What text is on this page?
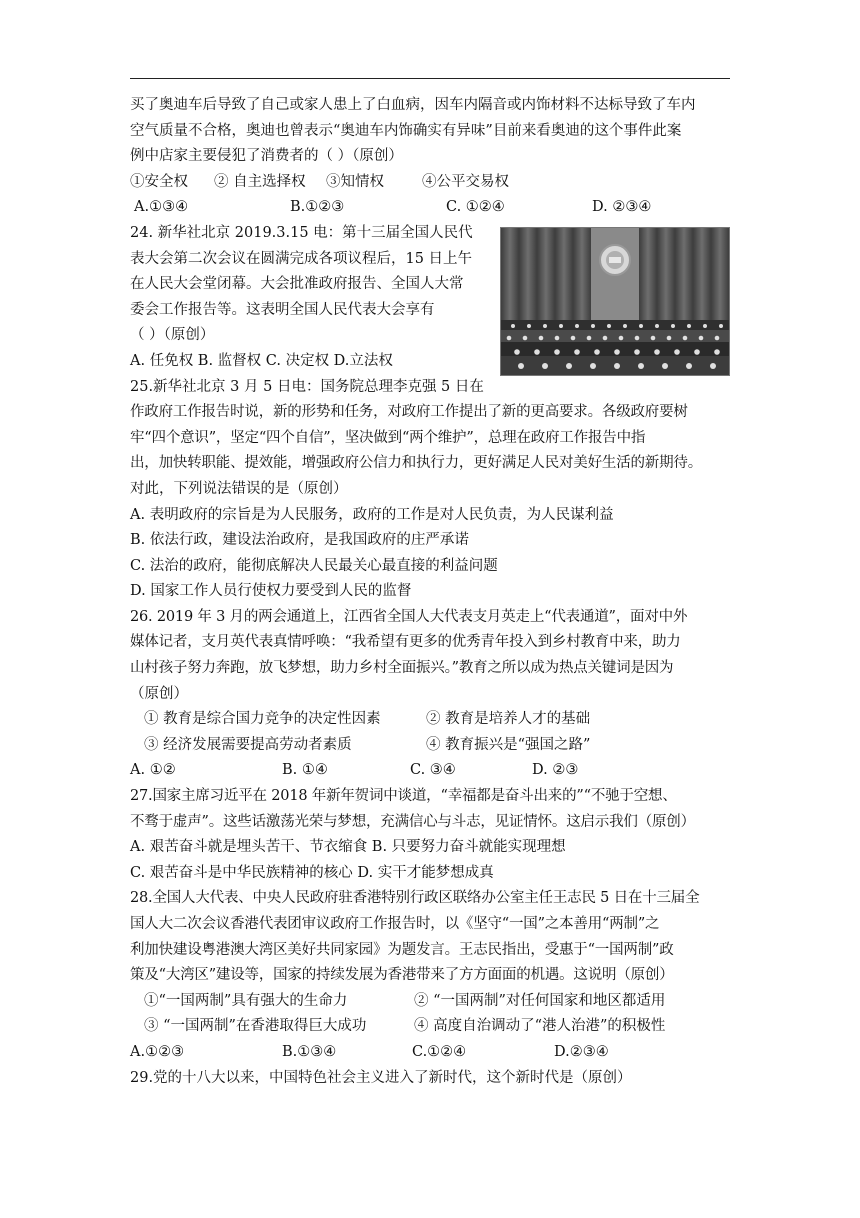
买了奥迪车后导致了自己或家人患上了白血病，因车内隔音或内饰材料不达标导致了车内

空气质量不合格，奥迪也曾表示“奥迪车内饰确实有异味”目前来看奥迪的这个事件此案

例中店家主要侵犯了消费者的（ ）（原创）

①安全权	② 自主选择权	③知情权	④公平交易权
A.①③④	B.①②③	C. ①②④	D. ②③④

24. 新华社北京 2019.3.15 电：第十三届全国人民代

表大会第二次会议在圆满完成各项议程后，15 日上午

在人民大会堂闭幕。大会批准政府报告、全国人大常

委会工作报告等。这表明全国人民代表大会享有

（ ）（原创）

A. 任免权 B. 监督权 C. 决定权 D.立法权

25.新华社北京 3 月 5 日电：国务院总理李克强 5 日在

作政府工作报告时说，新的形势和任务，对政府工作提出了新的更高要求。各级政府要树

牢“四个意识”，坚定“四个自信”，坚决做到“两个维护”，总理在政府工作报告中指

出，加快转职能、提效能，增强政府公信力和执行力，更好满足人民对美好生活的新期待。

对此，下列说法错误的是（原创）

A. 表明政府的宗旨是为人民服务，政府的工作是对人民负责，为人民谋利益

B. 依法行政，建设法治政府，是我国政府的庄严承诺

C. 法治的政府，能彻底解决人民最关心最直接的利益问题

D. 国家工作人员行使权力要受到人民的监督

26. 2019 年 3 月的两会通道上，江西省全国人大代表支月英走上“代表通道”，面对中外

媒体记者，支月英代表真情呼唤：“我希望有更多的优秀青年投入到乡村教育中来，助力

山村孩子努力奔跑，放飞梦想，助力乡村全面振兴。”教育之所以成为热点关键词是因为

（原创）

① 教育是综合国力竞争的决定性因素	② 教育是培养人才的基础
③ 经济发展需要提高劳动者素质	④ 教育振兴是“强国之路”
A. ①②	B. ①④	C. ③④	D. ②③

27.国家主席习近平在 2018 年新年贺词中谈道，“幸福都是奋斗出来的”“不驰于空想、

不骛于虚声”。这些话激荡光荣与梦想，充满信心与斗志，见证情怀。这启示我们（原创）

A. 艰苦奋斗就是埋头苦干、节衣缩食 B. 只要努力奋斗就能实现理想

C. 艰苦奋斗是中华民族精神的核心 D. 实干才能梦想成真

28.全国人大代表、中央人民政府驻香港特别行政区联络办公室主任王志民 5 日在十三届全

国人大二次会议香港代表团审议政府工作报告时，以《坚守“一国”之本善用“两制”之

利加快建设粤港澳大湾区美好共同家园》为题发言。王志民指出，受惠于“一国两制”政

策及“大湾区”建设等，国家的持续发展为香港带来了方方面面的机遇。这说明（原创）

①“一国两制”具有强大的生命力	② “一国两制”对任何国家和地区都适用
③ “一国两制”在香港取得巨大成功	④ 高度自治调动了“港人治港”的积极性
A.①②③	B.①③④	C.①②④	D.②③④

29.党的十八大以来，中国特色社会主义进入了新时代，这个新时代是（原创）
